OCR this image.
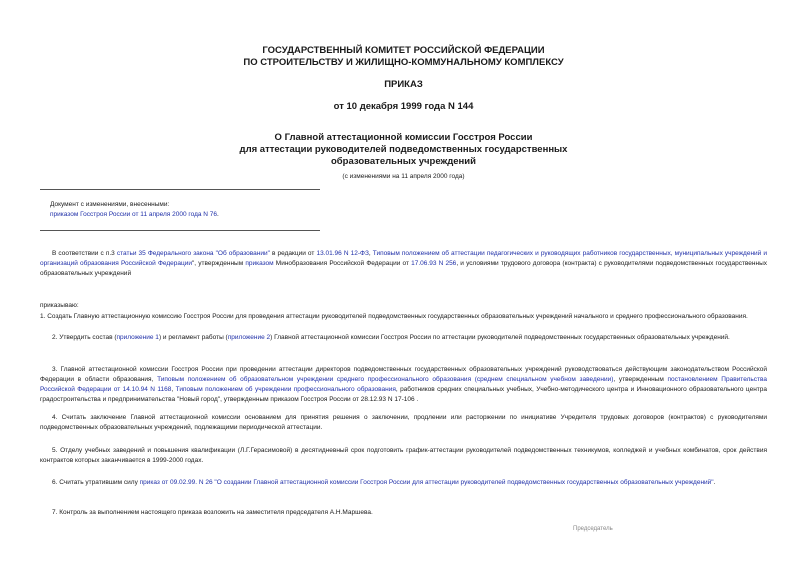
ГОСУДАРСТВЕННЫЙ КОМИТЕТ РОССИЙСКОЙ ФЕДЕРАЦИИ
ПО СТРОИТЕЛЬСТВУ И ЖИЛИЩНО-КОММУНАЛЬНОМУ КОМПЛЕКСУ
ПРИКАЗ
от 10 декабря 1999 года N 144
О Главной аттестационной комиссии Госстроя России
для аттестации руководителей подведомственных государственных
образовательных учреждений
(с изменениями на 11 апреля 2000 года)
Документ с изменениями, внесенными:
приказом Госстроя России от 11 апреля 2000 года N 76.

В соответствии с п.3 статьи 35 Федерального закона "Об образовании" в редакции от 13.01.96 N 12-ФЗ, Типовым положением об аттестации педагогических и руководящих работников государственных, муниципальных учреждений и организаций образования Российской Федерации", утвержденным приказом Минобразования Российской Федерации от 17.06.93 N 256, и условиями трудового договора (контракта) с руководителями подведомственных государственных образовательных учреждений

приказываю:

1. Создать Главную аттестационную комиссию Госстроя России для проведения аттестации руководителей подведомственных государственных образовательных учреждений начального и среднего профессионального образования.

2. Утвердить состав (приложение 1) и регламент работы (приложение 2) Главной аттестационной комиссии Госстроя России по аттестации руководителей подведомственных государственных образовательных учреждений.

3. Главной аттестационной комиссии Госстроя России при проведении аттестации директоров подведомственных государственных образовательных учреждений руководствоваться действующим законодательством Российской Федерации в области образования, Типовым положением об образовательном учреждении среднего профессионального образования (среднем специальном учебном заведении), утвержденным постановлением Правительства Российской Федерации от 14.10.94 N 1168, Типовым положением об учреждении профессионального образования, работников средних специальных учебных, Учебно-методического центра и Инновационного образовательного центра градостроительства и предпринимательства "Новый город", утвержденным приказом Госстроя России от 28.12.93 N 17-106 .

4. Считать заключение Главной аттестационной комиссии основанием для принятия решения о заключении, продлении или расторжении по инициативе Учредителя трудовых договоров (контрактов) с руководителями подведомственных образовательных учреждений, подлежащими периодической аттестации.

5. Отделу учебных заведений и повышения квалификации (Л.Г.Герасимовой) в десятидневный срок подготовить график-аттестации руководителей подведомственных техникумов, колледжей и учебных комбинатов, срок действия контрактов которых заканчивается в 1999-2000 годах.

6. Считать утратившим силу приказ от 09.02.99. N 26 "О создании Главной аттестационной комиссии Госстроя России для аттестации руководителей подведомственных государственных образовательных учреждений".

7. Контроль за выполнением настоящего приказа возложить на заместителя председателя А.Н.Маршева.

Председатель
